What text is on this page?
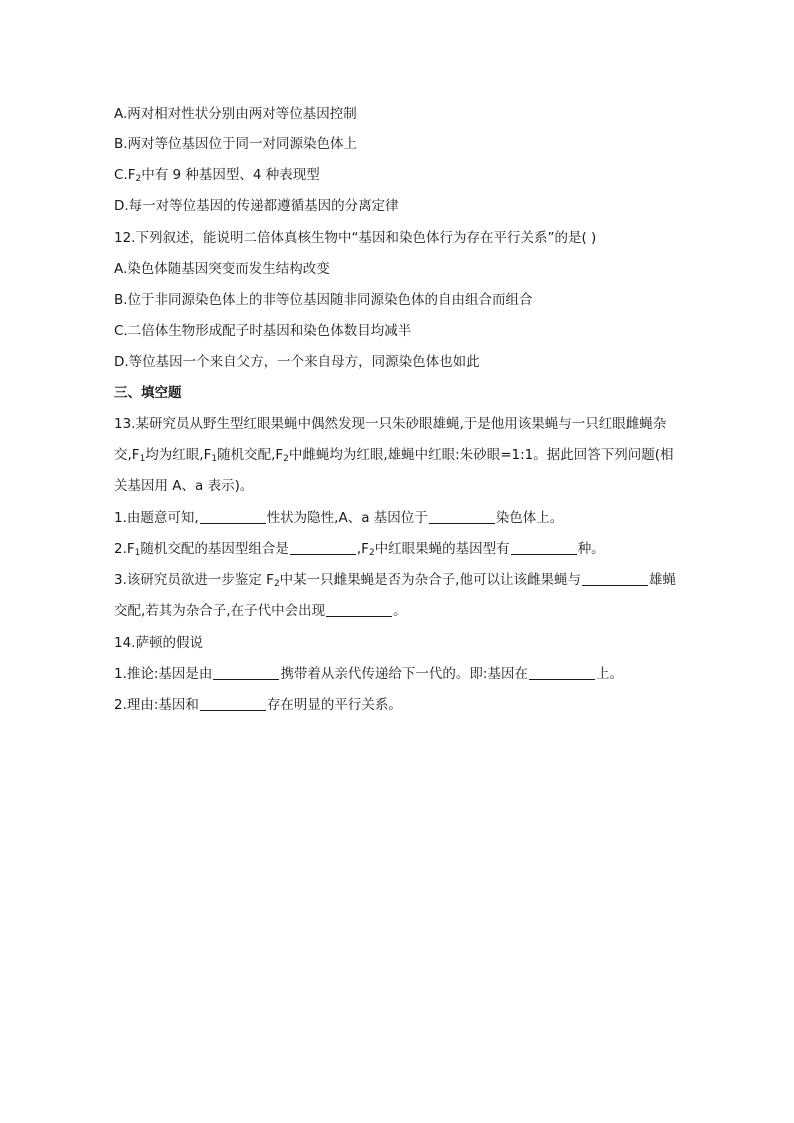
A.两对相对性状分别由两对等位基因控制
B.两对等位基因位于同一对同源染色体上
$C.F_2$中有 9 种基因型、4 种表现型
D.每一对等位基因的传递都遵循基因的分离定律
12.下列叙述，能说明二倍体真核生物中“基因和染色体行为存在平行关系”的是( )
A.染色体随基因突变而发生结构改变
B.位于非同源染色体上的非等位基因随非同源染色体的自由组合而组合
C.二倍体生物形成配子时基因和染色体数目均减半
D.等位基因一个来自父方，一个来自母方，同源染色体也如此
三、填空题
13.某研究员从野生型红眼果蝇中偶然发现一只朱砂眼雄蝇,于是他用该果蝇与一只红眼雌蝇杂交$,F_1$均为红眼$,F_1$随机交配$,F_2$中雌蝇均为红眼,雄蝇中红眼:朱砂眼=1:1。据此回答下列问题(相关基因用 A、a 表示)。
1.由题意可知,	性状为隐性,A、a 基因位于	染色体上。
$2.F_1$随机交配的基因型组合是	$,F_2$中红眼果蝇的基因型有	种。
3.该研究员欲进一步鉴定 $F_2$中某一只雌果蝇是否为杂合子,他可以让该雌果蝇与	雄蝇交配,若其为杂合子,在子代中会出现	。
14.萨顿的假说
1.推论:基因是由	携带着从亲代传递给下一代的。即:基因在	上。
2.理由:基因和	存在明显的平行关系。
